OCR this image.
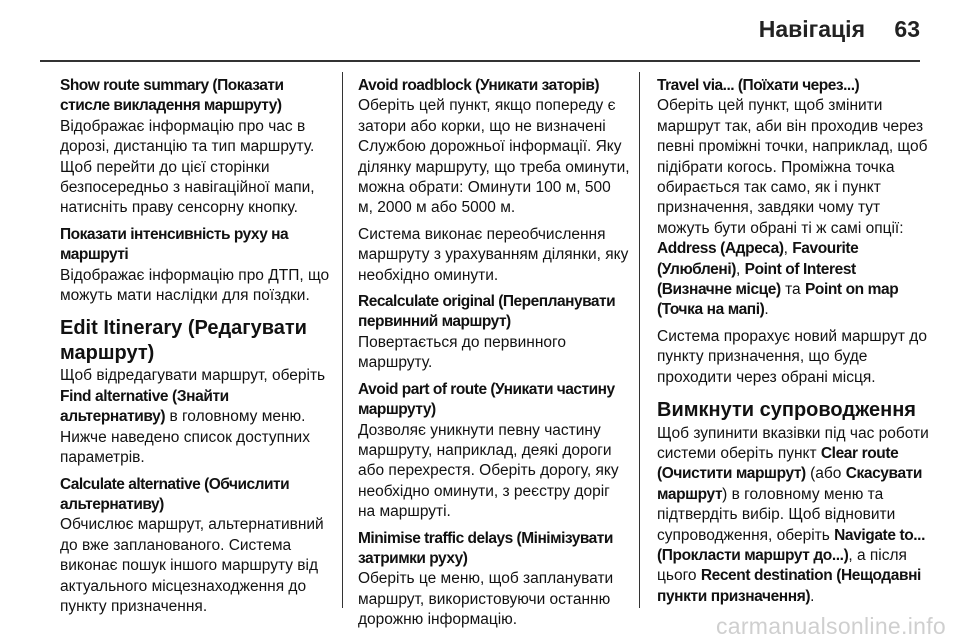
Навігація 63
Show route summary (Показати стисле викладення маршруту)
Відображає інформацію про час в дорозі, дистанцію та тип маршруту. Щоб перейти до цієї сторінки безпосередньо з навігаційної мапи, натисніть праву сенсорну кнопку.
Показати інтенсивність руху на маршруті
Відображає інформацію про ДТП, що можуть мати наслідки для поїздки.
Edit Itinerary (Редагувати маршрут)
Щоб відредагувати маршрут, оберіть Find alternative (Знайти альтернативу) в головному меню. Нижче наведено список доступних параметрів.
Calculate alternative (Обчислити альтернативу)
Обчислює маршрут, альтернативний до вже запланованого. Система виконає пошук іншого маршруту від актуального місцезнаходження до пункту призначення.
Avoid roadblock (Уникати заторів)
Оберіть цей пункт, якщо попереду є затори або корки, що не визначені Службою дорожньої інформації. Яку ділянку маршруту, що треба оминути, можна обрати: Оминути 100 м, 500 м, 2000 м або 5000 м.
Система виконає переобчислення маршруту з урахуванням ділянки, яку необхідно оминути.
Recalculate original (Перепланувати первинний маршрут)
Повертається до первинного маршруту.
Avoid part of route (Уникати частину маршруту)
Дозволяє уникнути певну частину маршруту, наприклад, деякі дороги або перехрестя. Оберіть дорогу, яку необхідно оминути, з реєстру доріг на маршруті.
Minimise traffic delays (Мінімізувати затримки руху)
Оберіть це меню, щоб запланувати маршрут, використовуючи останню дорожню інформацію.
Travel via... (Поїхати через...)
Оберіть цей пункт, щоб змінити маршрут так, аби він проходив через певні проміжні точки, наприклад, щоб підібрати когось. Проміжна точка обирається так само, як і пункт призначення, завдяки чому тут можуть бути обрані ті ж самі опції: Address (Адреса), Favourite (Улюблені), Point of Interest (Визначне місце) та Point on map (Точка на мапі).
Система прорахує новий маршрут до пункту призначення, що буде проходити через обрані місця.
Вимкнути супроводження
Щоб зупинити вказівки під час роботи системи оберіть пункт Clear route (Очистити маршрут) (або Скасувати маршрут) в головному меню та підтвердіть вибір. Щоб відновити супроводження, оберіть Navigate to... (Прокласти маршрут до...), а після цього Recent destination (Нещодавні пункти призначення).
carmanualsonline.info
